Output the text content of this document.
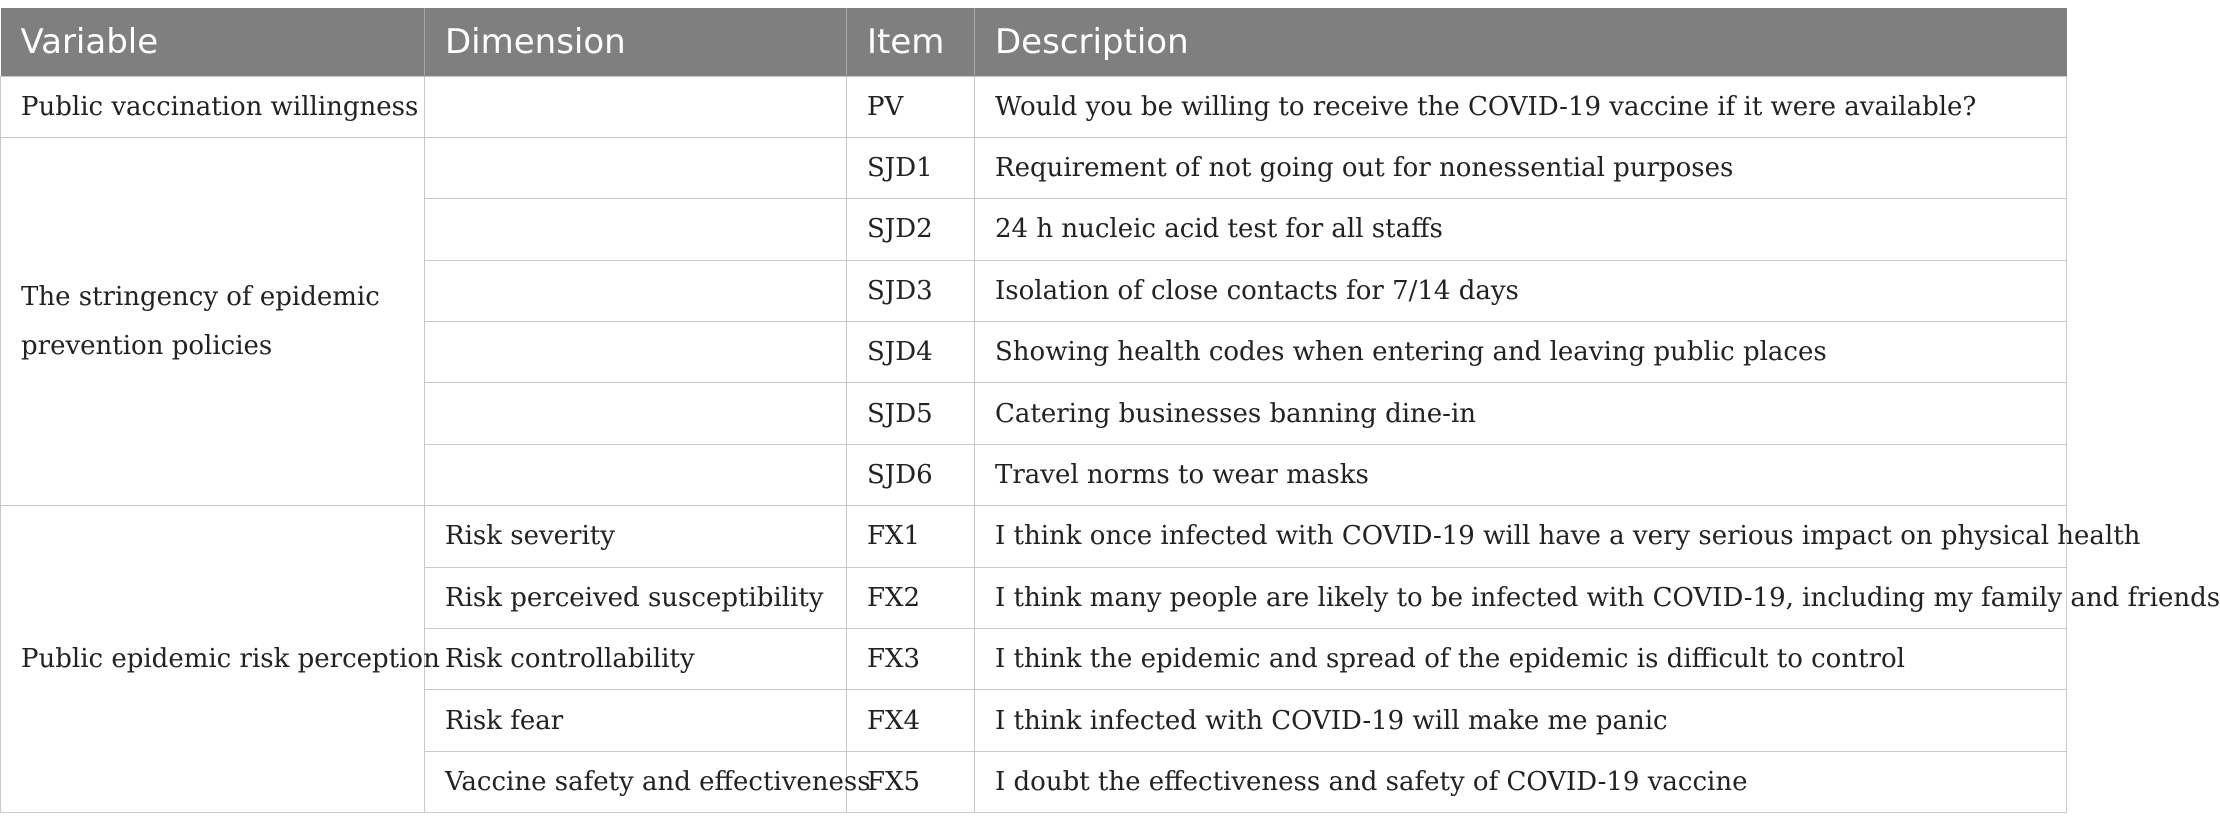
Variable	Dimension	Item	Description
Public vaccination willingness		PV	Would you be willing to receive the COVID-19 vaccine if it were available?
The stringency of epidemic prevention policies		SJD1	Requirement of not going out for nonessential purposes
		SJD2	24 h nucleic acid test for all staffs
		SJD3	Isolation of close contacts for 7/14 days
		SJD4	Showing health codes when entering and leaving public places
		SJD5	Catering businesses banning dine-in
		SJD6	Travel norms to wear masks
Public epidemic risk perception	Risk severity	FX1	I think once infected with COVID-19 will have a very serious impact on physical health
	Risk perceived susceptibility	FX2	I think many people are likely to be infected with COVID-19, including my family and friends
	Risk controllability	FX3	I think the epidemic and spread of the epidemic is difficult to control
	Risk fear	FX4	I think infected with COVID-19 will make me panic
	Vaccine safety and effectiveness	FX5	I doubt the effectiveness and safety of COVID-19 vaccine
